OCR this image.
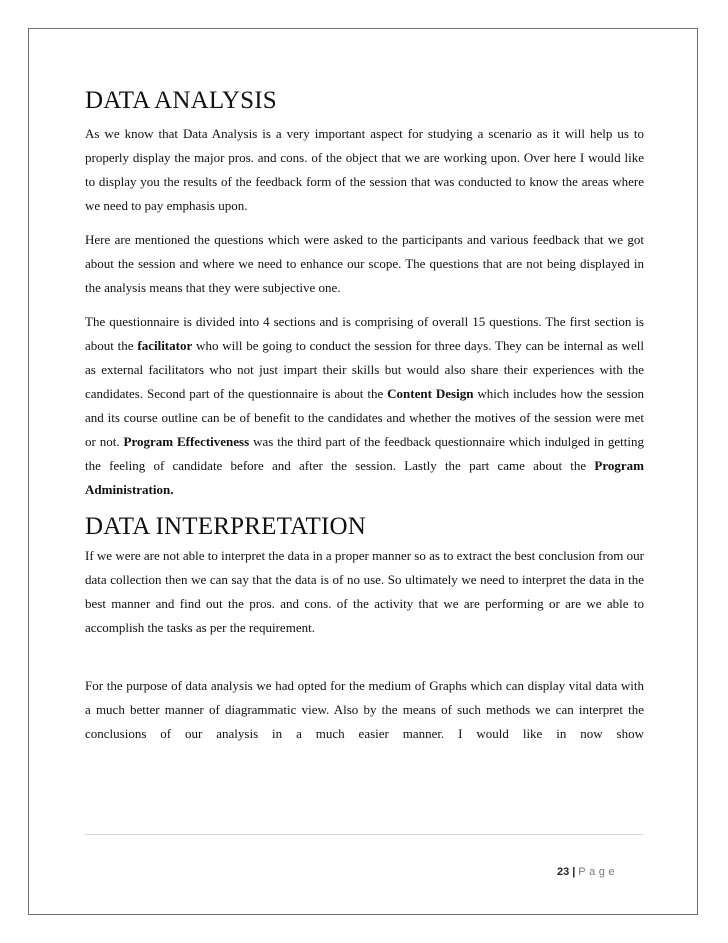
DATA ANALYSIS

As we know that Data Analysis is a very important aspect for studying a scenario as it will help us to properly display the major pros. and cons. of the object that we are working upon. Over here I would like to display you the results of the feedback form of the session that was conducted to know the areas where we need to pay emphasis upon.

Here are mentioned the questions which were asked to the participants and various feedback that we got about the session and where we need to enhance our scope. The questions that are not being displayed in the analysis means that they were subjective one.

The questionnaire is divided into 4 sections and is comprising of overall 15 questions. The first section is about the facilitator who will be going to conduct the session for three days. They can be internal as well as external facilitators who not just impart their skills but would also share their experiences with the candidates. Second part of the questionnaire is about the Content Design which includes how the session and its course outline can be of benefit to the candidates and whether the motives of the session were met or not. Program Effectiveness was the third part of the feedback questionnaire which indulged in getting the feeling of candidate before and after the session. Lastly the part came about the Program Administration.

DATA INTERPRETATION

If we were are not able to interpret the data in a proper manner so as to extract the best conclusion from our data collection then we can say that the data is of no use. So ultimately we need to interpret the data in the best manner and find out the pros. and cons. of the activity that we are performing or are we able to accomplish the tasks as per the requirement.

For the purpose of data analysis we had opted for the medium of Graphs which can display vital data with a much better manner of diagrammatic view. Also by the means of such methods we can interpret the conclusions of our analysis in a much easier manner. I would like in now show

23 | Page
